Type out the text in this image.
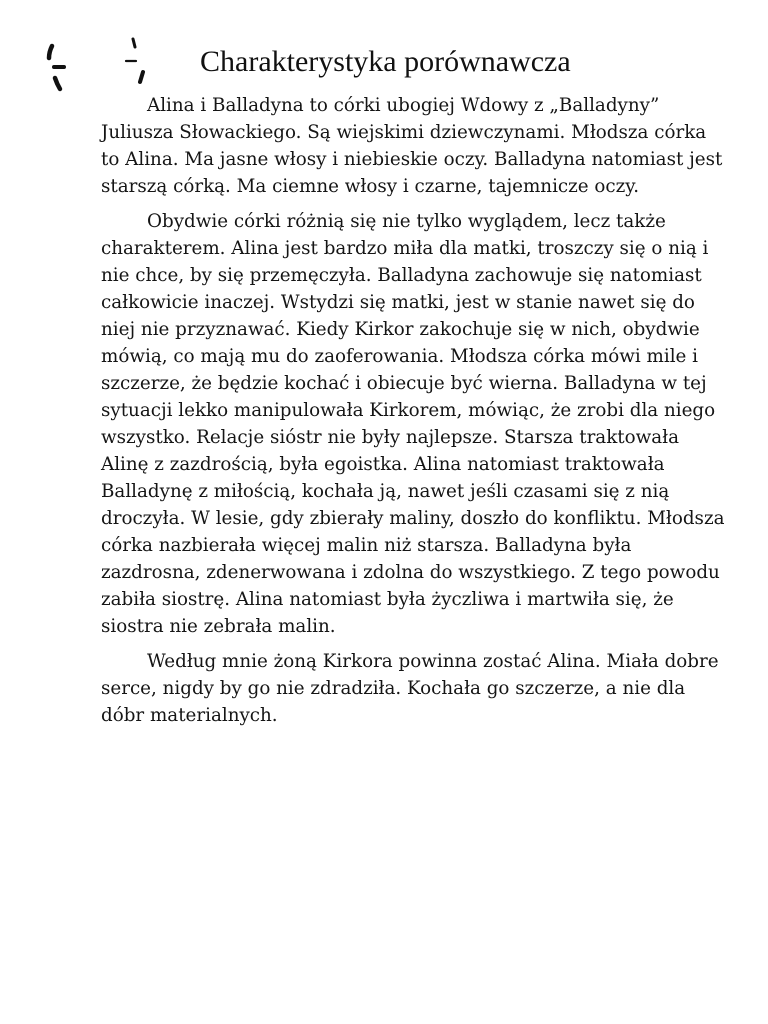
Charakterystyka porównawcza

Alina i Balladyna to córki ubogiej Wdowy z „Balladyny” Juliusza Słowackiego. Są wiejskimi dziewczynami. Młodsza córka to Alina. Ma jasne włosy i niebieskie oczy. Balladyna natomiast jest starszą córką. Ma ciemne włosy i czarne, tajemnicze oczy.

Obydwie córki różnią się nie tylko wyglądem, lecz także charakterem. Alina jest bardzo miła dla matki, troszczy się o nią i nie chce, by się przemęczyła. Balladyna zachowuje się natomiast całkowicie inaczej. Wstydzi się matki, jest w stanie nawet się do niej nie przyznawać. Kiedy Kirkor zakochuje się w nich, obydwie mówią, co mają mu do zaoferowania. Młodsza córka mówi mile i szczerze, że będzie kochać i obiecuje być wierna. Balladyna w tej sytuacji lekko manipulowała Kirkorem, mówiąc, że zrobi dla niego wszystko. Relacje sióstr nie były najlepsze. Starsza traktowała Alinę z zazdrością, była egoistka. Alina natomiast traktowała Balladynę z miłością, kochała ją, nawet jeśli czasami się z nią droczyła. W lesie, gdy zbierały maliny, doszło do konfliktu. Młodsza córka nazbierała więcej malin niż starsza. Balladyna była zazdrosna, zdenerwowana i zdolna do wszystkiego. Z tego powodu zabiła siostrę. Alina natomiast była życzliwa i martwiła się, że siostra nie zebrała malin.

Według mnie żoną Kirkora powinna zostać Alina. Miała dobre serce, nigdy by go nie zdradziła. Kochała go szczerze, a nie dla dóbr materialnych.
